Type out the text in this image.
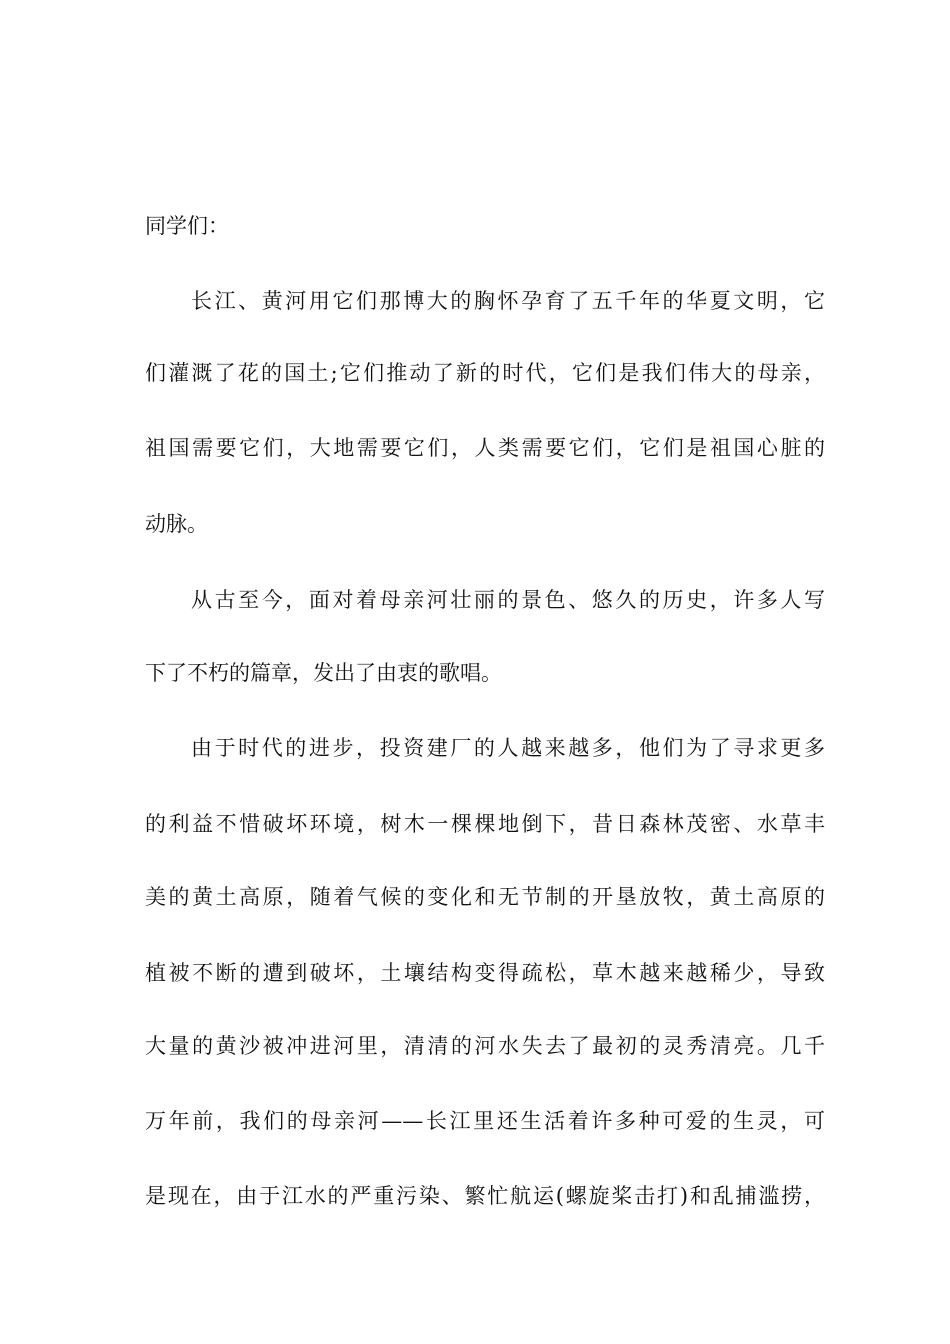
同学们：
长江、黄河用它们那博大的胸怀孕育了五千年的华夏文明，它
们灌溉了花的国土;它们推动了新的时代，它们是我们伟大的母亲，
祖国需要它们，大地需要它们，人类需要它们，它们是祖国心脏的
动脉。
从古至今，面对着母亲河壮丽的景色、悠久的历史，许多人写
下了不朽的篇章，发出了由衷的歌唱。
由于时代的进步，投资建厂的人越来越多，他们为了寻求更多
的利益不惜破坏环境，树木一棵棵地倒下，昔日森林茂密、水草丰
美的黄土高原，随着气候的变化和无节制的开垦放牧，黄土高原的
植被不断的遭到破坏，土壤结构变得疏松，草木越来越稀少，导致
大量的黄沙被冲进河里，清清的河水失去了最初的灵秀清亮。几千
万年前，我们的母亲河——长江里还生活着许多种可爱的生灵，可
是现在，由于江水的严重污染、繁忙航运(螺旋桨击打)和乱捕滥捞，
